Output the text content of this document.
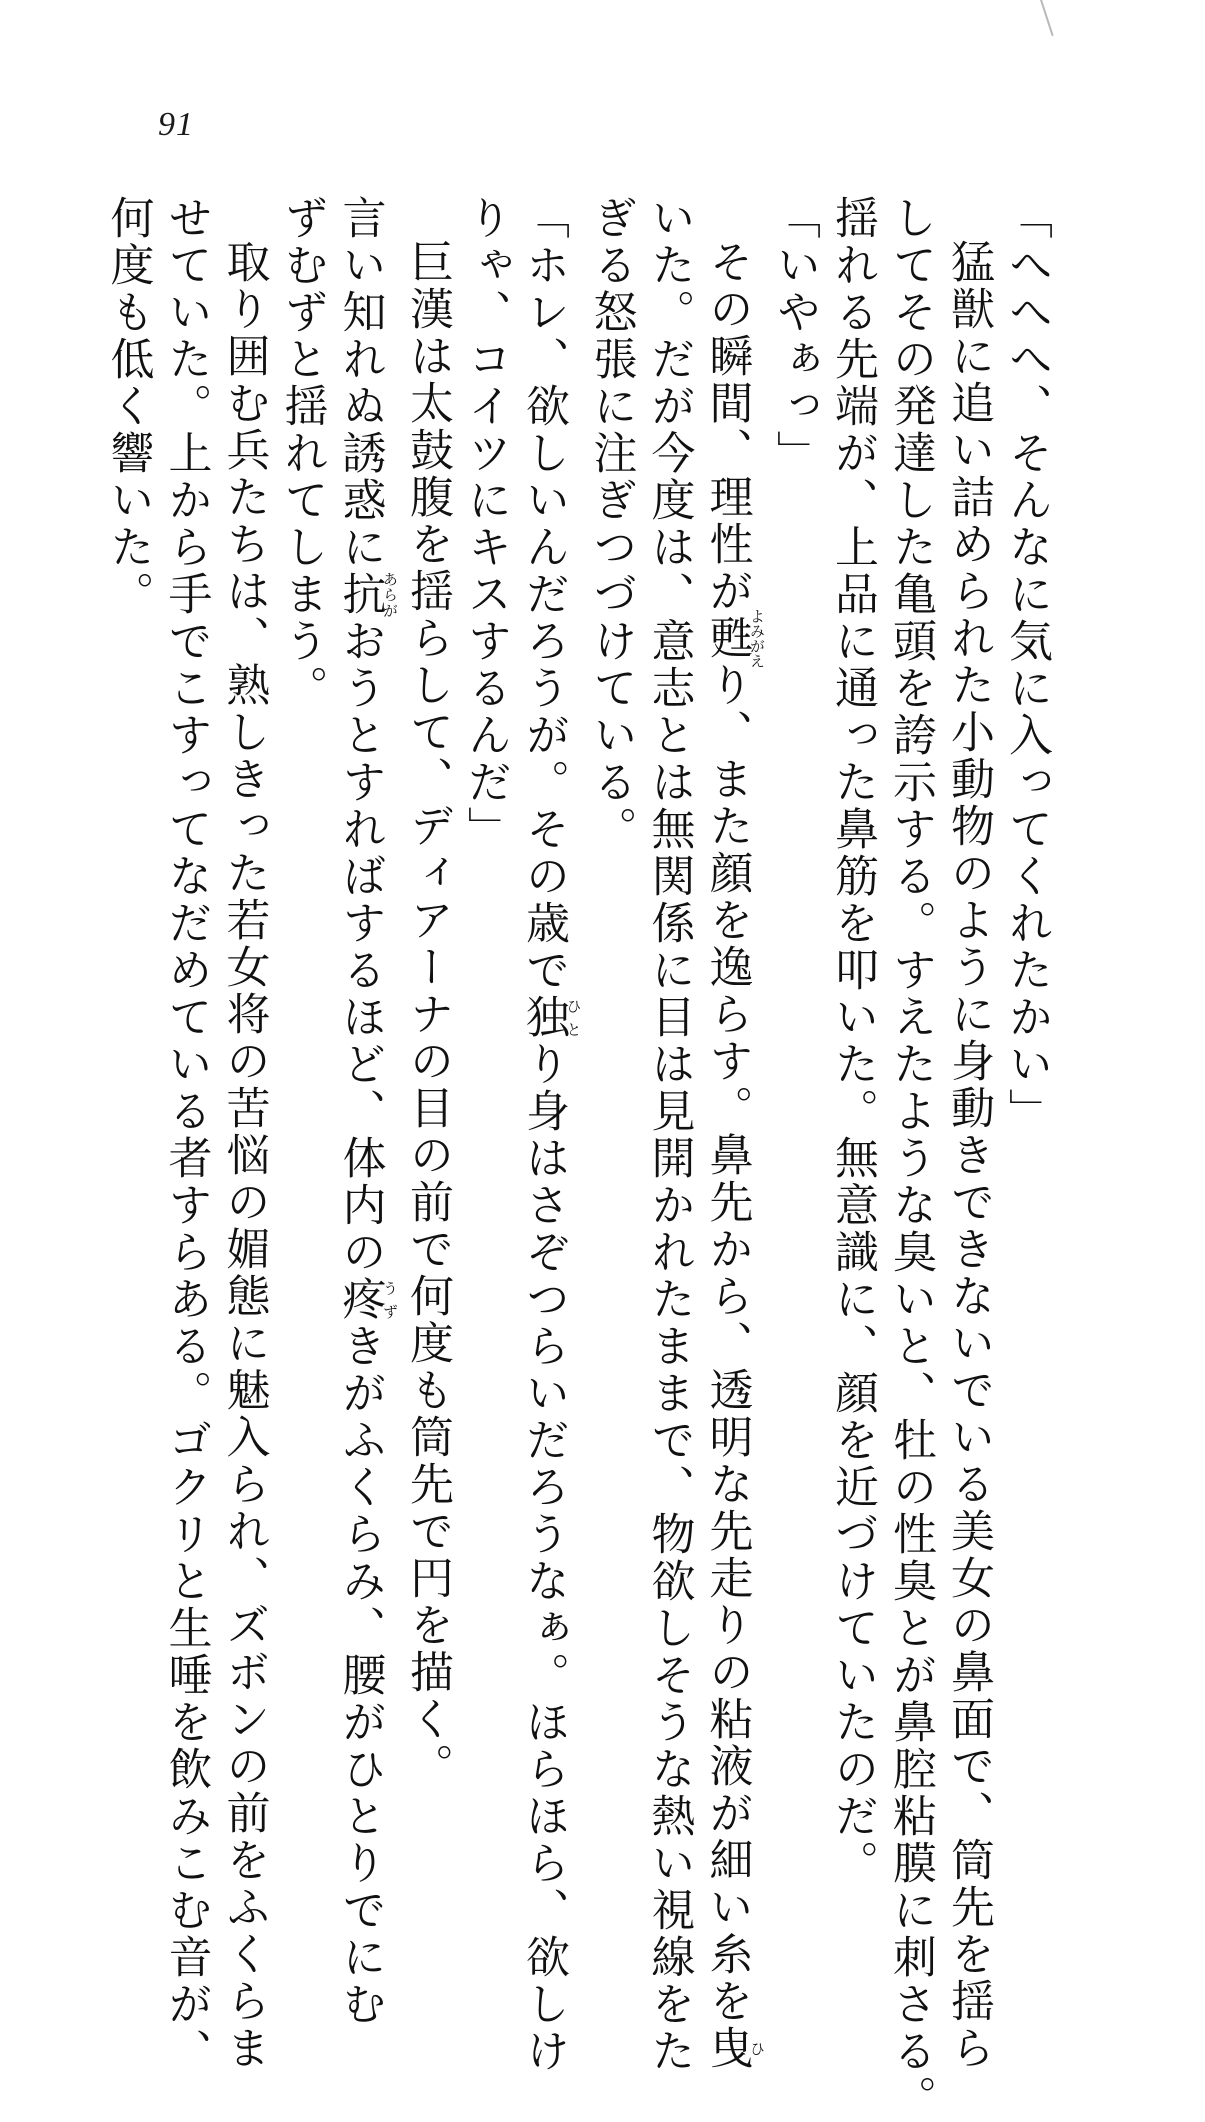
91
「へへへ、そんなに気に入ってくれたかい」
猛獣に追い詰められた小動物のように身動きできないでいる美女の鼻面で、筒先を揺ら
してその発達した亀頭を誇示する。すえたような臭いと、牡の性臭とが鼻腔粘膜に刺さる。
揺れる先端が、上品に通った鼻筋を叩いた。無意識に、顔を近づけていたのだ。
「いやぁっ」
その瞬間、理性が甦よみがえり、また顔を逸らす。鼻先から、透明な先走りの粘液が細い糸を曳ひ
いた。だが今度は、意志とは無関係に目は見開かれたままで、物欲しそうな熱い視線をた
ぎる怒張に注ぎつづけている。
「ホレ、欲しいんだろうが。その歳で独ひとり身はさぞつらいだろうなぁ。ほらほら、欲しけ
りゃ、コイツにキスするんだ」
巨漢は太鼓腹を揺らして、ディアーナの目の前で何度も筒先で円を描く。
言い知れぬ誘惑に抗あらがおうとすればするほど、体内の疼うずきがふくらみ、腰がひとりでにむ
ずむずと揺れてしまう。
取り囲む兵たちは、熟しきった若女将の苦悩の媚態に魅入られ、ズボンの前をふくらま
せていた。上から手でこすってなだめている者すらある。ゴクリと生唾を飲みこむ音が、
何度も低く響いた。
